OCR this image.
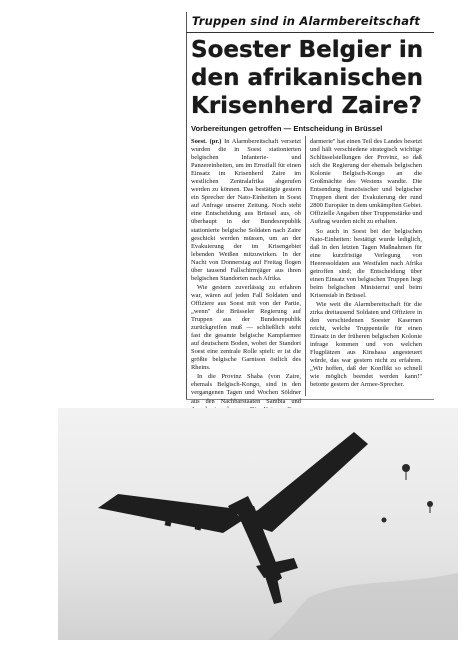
Truppen sind in Alarmbereitschaft
Soester Belgier in
den afrikanischen
Krisenherd Zaire?
Vorbereitungen getroffen — Entscheidung in Brüssel

Soest. (pr.) In Alarmbereitschaft versetzt wurden die in Soest stationierten belgischen Infanterie- und Panzereinheiten, um im Ernstfall für einen Einsatz im Krisenherd Zaire im westlichen Zentralafrika abgerufen werden zu können. Das bestätigte gestern ein Sprecher der Nato-Einheiten in Soest auf Anfrage unserer Zeitung. Noch steht eine Entscheidung aus Brüssel aus, ob überhaupt in der Bundesrepublik stationierte belgische Soldaten nach Zaire geschickt werden müssen, um an der Evakuierung der im Krisengebiet lebenden Weißen mitzuwirken. In der Nacht von Donnerstag auf Freitag flogen über tausend Fallschirmjäger aus ihren belgischen Standorten nach Afrika.

Wie gestern zuverlässig zu erfahren war, wären auf jeden Fall Soldaten und Offiziere aus Soest mit von der Partie, „wenn" die Brüsseler Regierung auf Truppen aus der Bundesrepublik zurückgreifen muß — schließlich steht fast die gesamte belgische Kampfarmee auf deutschem Boden, wobei der Standort Soest eine zentrale Rolle spielt: er ist die größte belgische Garnison östlich des Rheins.

In die Provinz Shaba (von Zaire, ehemals Belgisch-Kongo, sind in den vergangenen Tagen und Wochen Söldner aus den Nachbarstaaten Sambia und

darmerie" hat einen Teil des Landes besetzt und hält verschiedene strategisch wichtige Schlüsselstellungen der Provinz, so daß sich die Regierung der ehemals belgischen Kolonie Belgisch-Kongo an die Großmächte des Westens wandte. Die Entsendung französischer und belgischer Truppen dient der Evakuierung der rund 2800 Europäer in dem umkämpften Gebiet. Offizielle Angaben über Truppenstärke und Auftrag wurden nicht zu erhalten.

So auch in Soest bei der belgischen Nato-Einheiten: bestätigt wurde lediglich, daß in den letzten Tagen Maßnahmen für eine kurzfristige Verlegung von Heeressoldaten aus Westfalen nach Afrika getroffen sind; die Entscheidung über einen Einsatz von belgischen Truppen liegt beim belgischen Ministerrat und beim Krisenstab in Brüssel.

Wie weit die Alarmbereitschaft für die zirka dreitausend Soldaten und Offiziere in den verschiedenen Soester Kasernen reicht, welche Truppenteile für einen Einsatz in der früheren belgischen Kolonie infrage kommen und von welchen Flugplätzen aus Kinshasa angesteuert würde, das war gestern nicht zu erfahren. „Wir hoffen, daß der Konflikt so schnell wie möglich beendet werden kann!" betonte gestern der Armee-Sprecher.
